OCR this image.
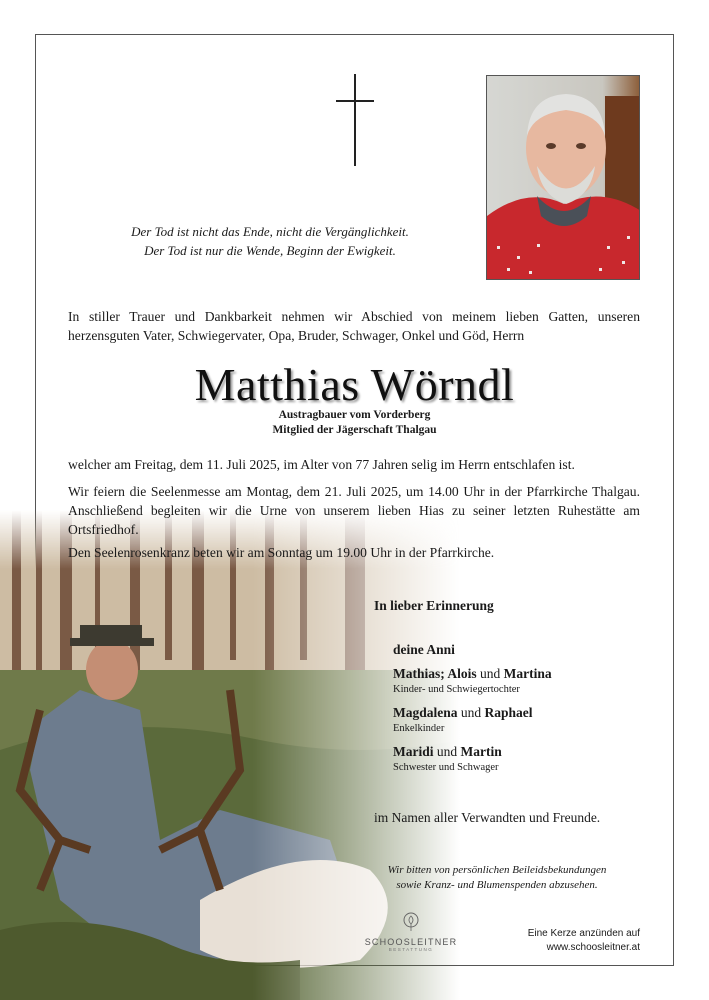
Der Tod ist nicht das Ende, nicht die Vergänglichkeit.
Der Tod ist nur die Wende, Beginn der Ewigkeit.
In stiller Trauer und Dankbarkeit nehmen wir Abschied von meinem lieben Gatten, unseren herzensguten Vater, Schwiegervater, Opa, Bruder, Schwager, Onkel und Göd, Herrn
Matthias Wörndl
Austragbauer vom Vorderberg
Mitglied der Jägerschaft Thalgau
welcher am Freitag, dem 11. Juli 2025, im Alter von 77 Jahren selig im Herrn entschlafen ist.
Wir feiern die Seelenmesse am Montag, dem 21. Juli 2025, um 14.00 Uhr in der Pfarrkirche Thalgau. Anschließend begleiten wir die Urne von unserem lieben Hias zu seiner letzten Ruhestätte am Ortsfriedhof.
Den Seelenrosenkranz beten wir am Sonntag um 19.00 Uhr in der Pfarrkirche.
In lieber Erinnerung
deine Anni
Mathias; Alois und Martina
Kinder- und Schwiegertochter
Magdalena und Raphael
Enkelkinder
Maridi und Martin
Schwester und Schwager
im Namen aller Verwandten und Freunde.
Wir bitten von persönlichen Beileidsbekundungen
sowie Kranz- und Blumenspenden abzusehen.
SCHOOSLEITNER
BESTATTUNG
Eine Kerze anzünden auf
www.schoosleitner.at
